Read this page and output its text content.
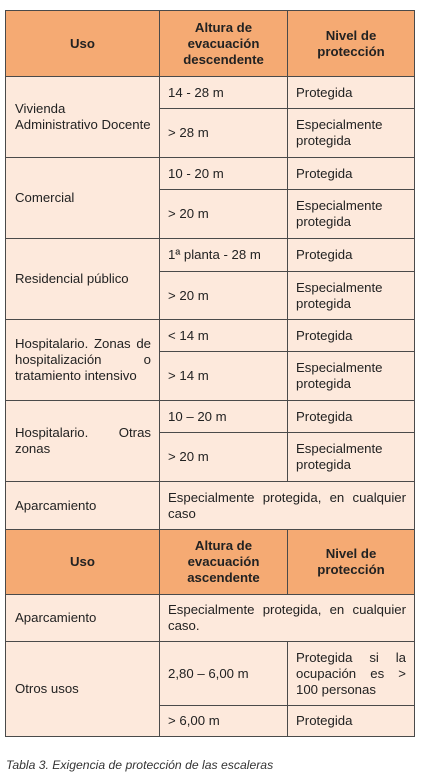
Uso	Altura de evacuación descendente	Nivel de protección
Vivienda Administrativo Docente	14 - 28 m	Protegida
	> 28 m	Especialmente protegida
Comercial	10 - 20 m	Protegida
	> 20 m	Especialmente protegida
Residencial público	1ª planta - 28 m	Protegida
	> 20 m	Especialmente protegida
Hospitalario. Zonas de hospitalización o tratamiento intensivo	< 14 m	Protegida
	> 14 m	Especialmente protegida
Hospitalario. Otras zonas	10 – 20 m	Protegida
	> 20 m	Especialmente protegida
Aparcamiento	Especialmente protegida, en cualquier caso	
Uso	Altura de evacuación ascendente	Nivel de protección
Aparcamiento	Especialmente protegida, en cualquier caso.	
Otros usos	2,80 – 6,00 m	Protegida si la ocupación es > 100 personas
	> 6,00 m	Protegida
Tabla 3. Exigencia de protección de las escaleras
